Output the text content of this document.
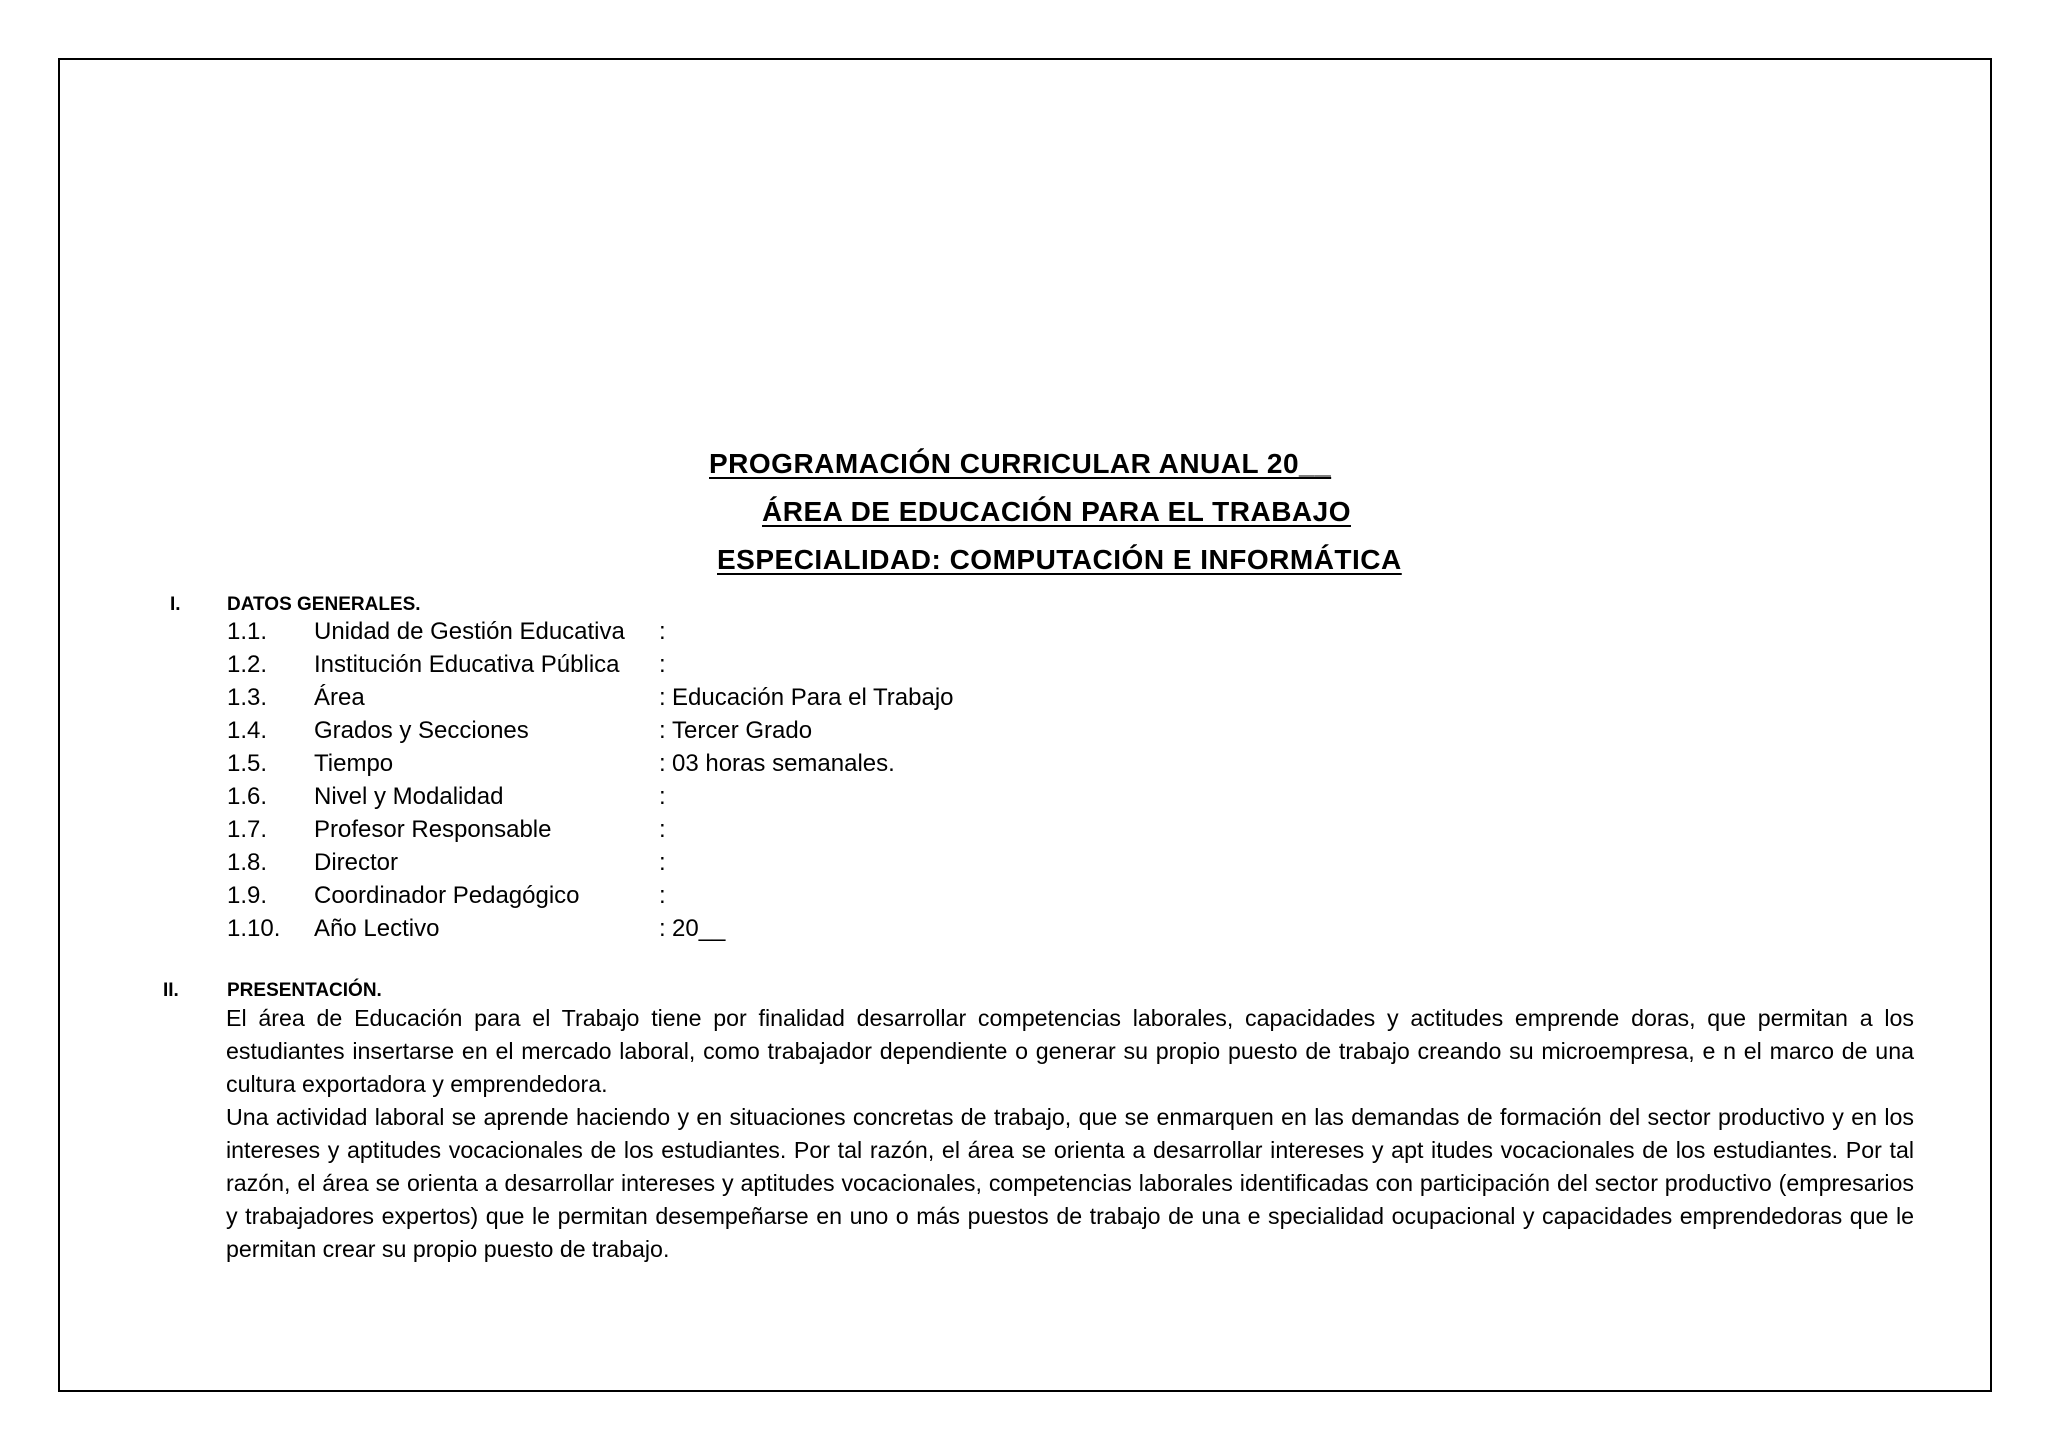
PROGRAMACIÓN CURRICULAR ANUAL 20__
ÁREA DE EDUCACIÓN PARA EL TRABAJO
ESPECIALIDAD: COMPUTACIÓN E INFORMÁTICA
I. DATOS GENERALES.
1.1. Unidad de Gestión Educativa :
1.2. Institución Educativa Pública :
1.3. Área	: Educación Para el Trabajo
1.4. Grados y Secciones	: Tercer Grado
1.5. Tiempo	: 03 horas semanales.
1.6. Nivel y Modalidad	:
1.7. Profesor Responsable	:
1.8. Director	:
1.9. Coordinador Pedagógico	:
1.10. Año Lectivo	: 20__
II.	PRESENTACIÓN.

El área de Educación para el Trabajo tiene por finalidad desarrollar competencias laborales, capacidades y actitudes emprende doras, que permitan a los estudiantes insertarse en el mercado laboral, como trabajador dependiente o generar su propio puesto de trabajo creando su microempresa, e n el marco de una cultura exportadora y emprendedora.

Una actividad laboral se aprende haciendo y en situaciones concretas de trabajo, que se enmarquen en las demandas de formación del sector productivo y en los intereses y aptitudes vocacionales de los estudiantes. Por tal razón, el área se orienta a desarrollar intereses y apt itudes vocacionales de los estudiantes. Por tal razón, el área se orienta a desarrollar intereses y aptitudes vocacionales, competencias laborales identificadas con participación del sector productivo (empresarios y trabajadores expertos) que le permitan desempeñarse en uno o más puestos de trabajo de una e specialidad ocupacional y capacidades emprendedoras que le permitan crear su propio puesto de trabajo.
